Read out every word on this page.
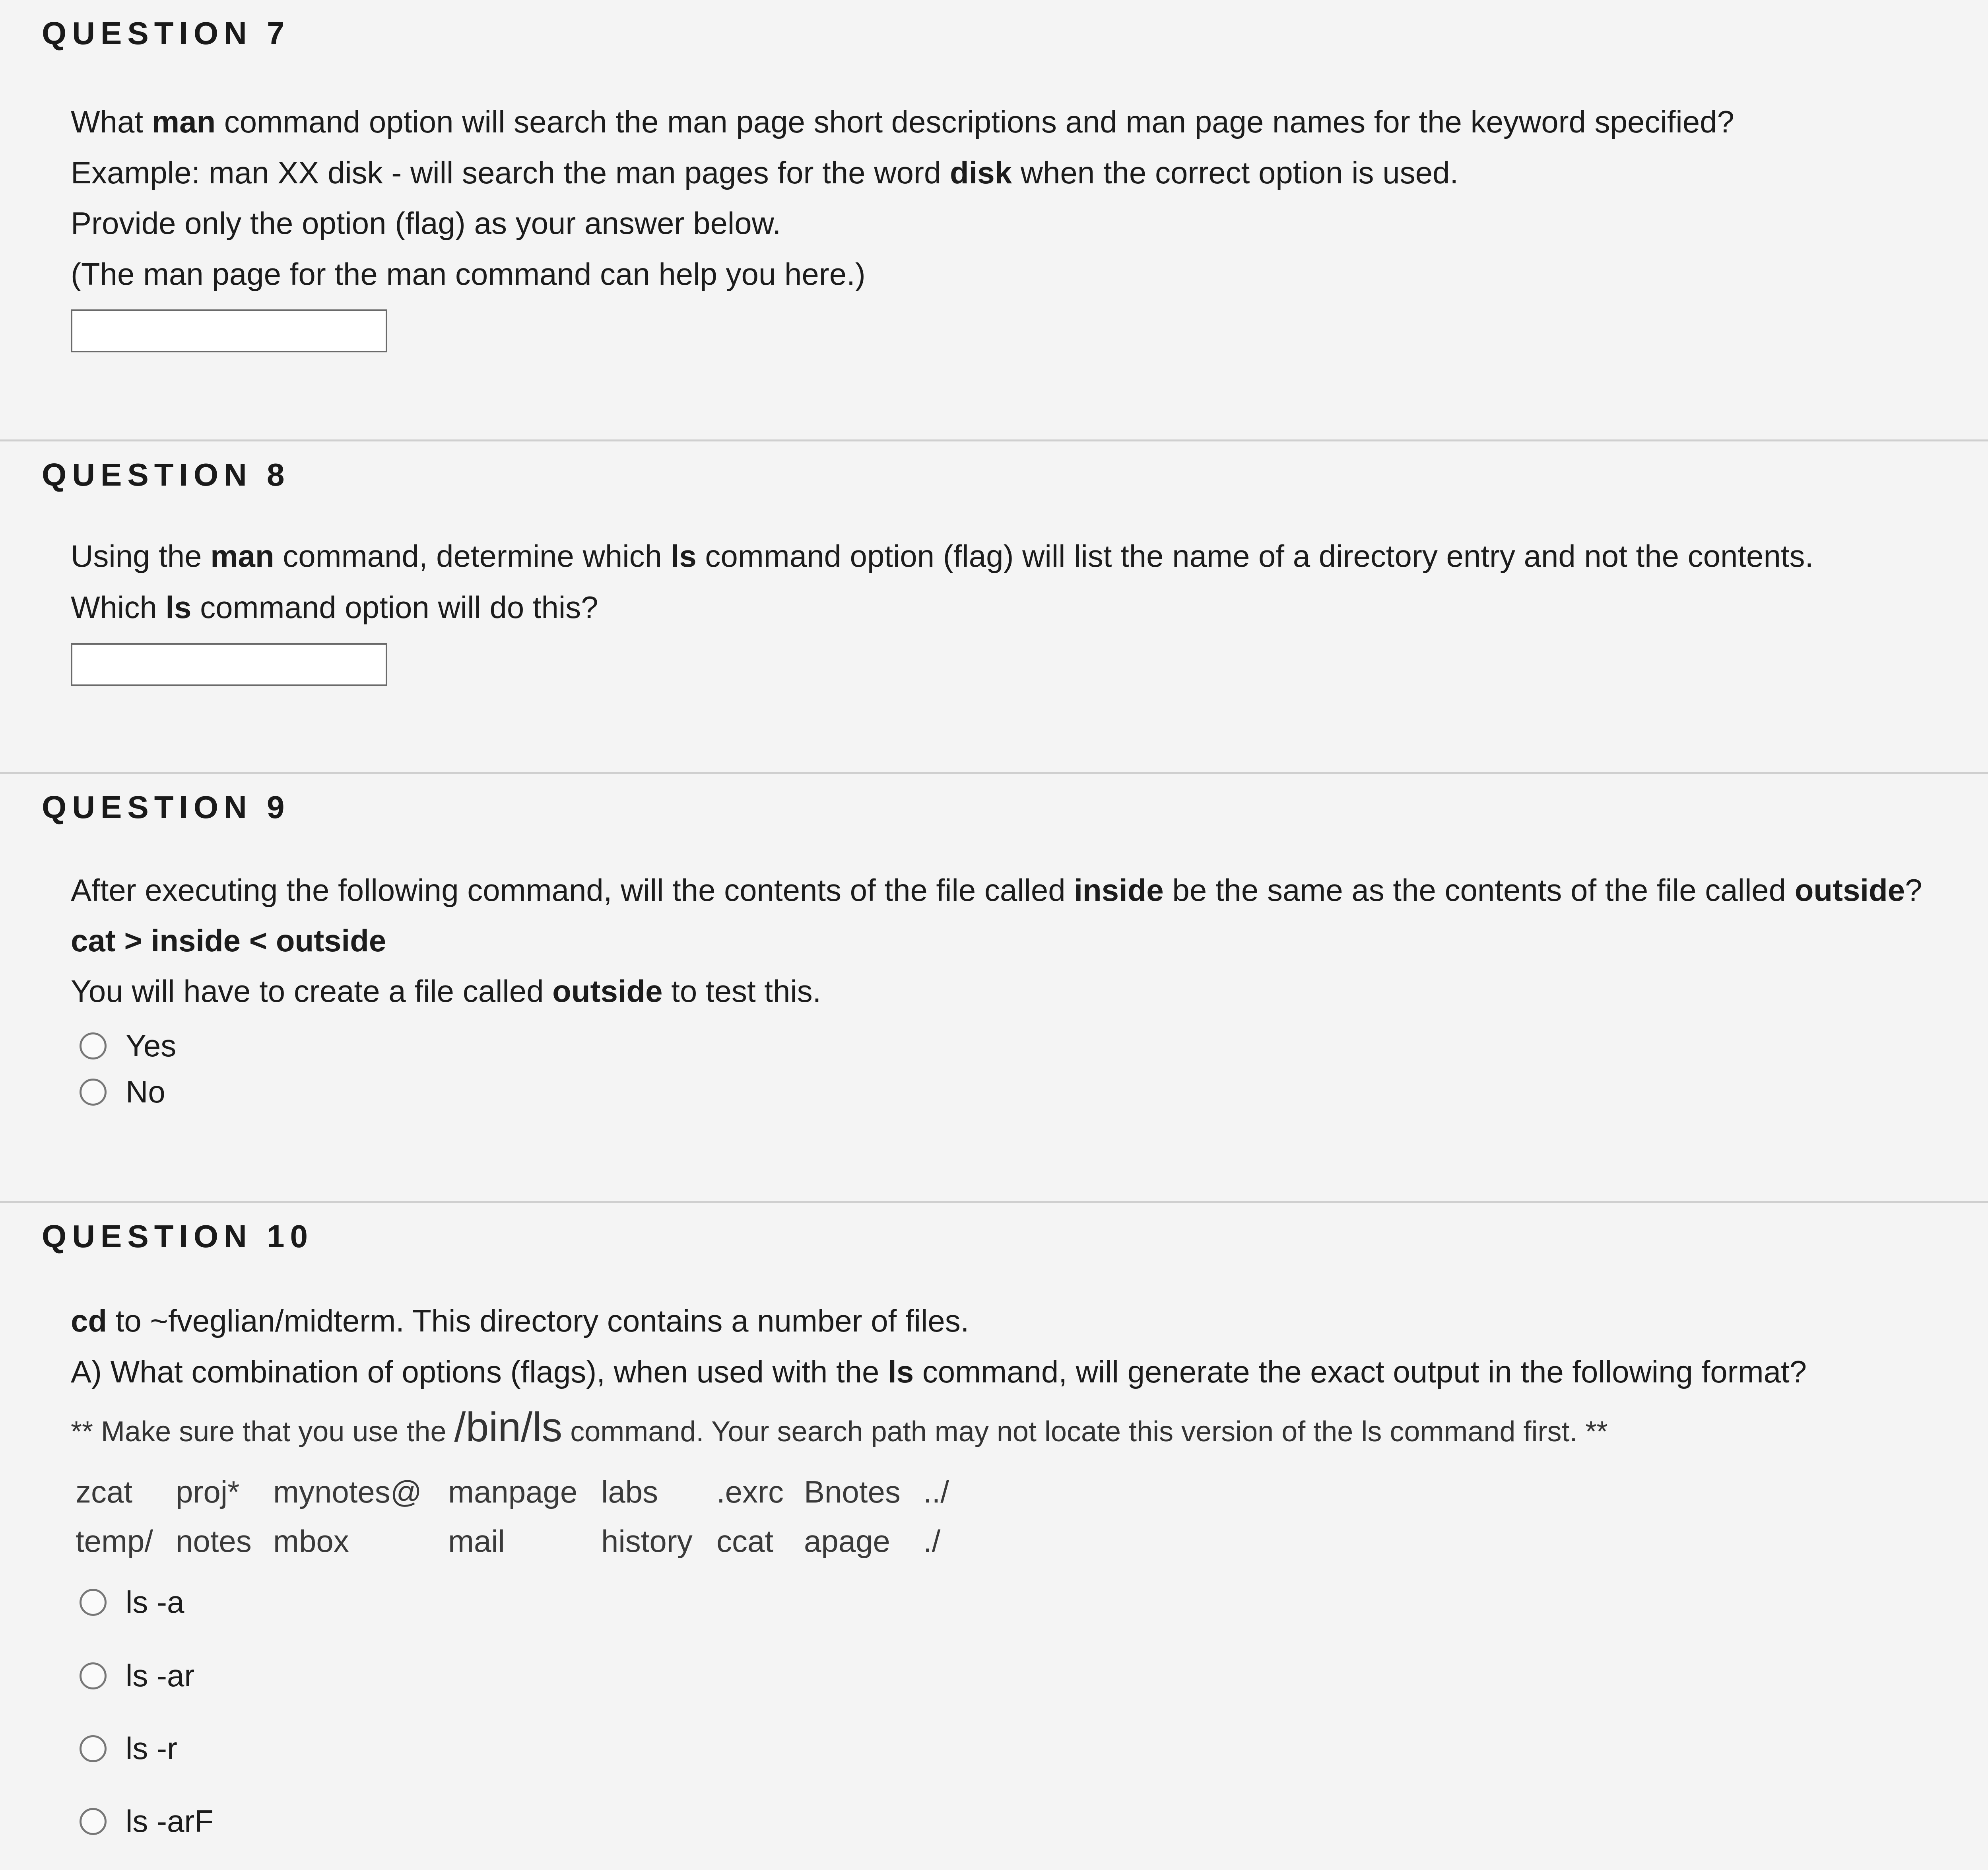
QUESTION 7
What man command option will search the man page short descriptions and man page names for the keyword specified?
Example: man XX disk - will search the man pages for the word disk when the correct option is used.
Provide only the option (flag) as your answer below.
(The man page for the man command can help you here.)
QUESTION 8
Using the man command, determine which ls command option (flag) will list the name of a directory entry and not the contents.
Which ls command option will do this?
QUESTION 9
After executing the following command, will the contents of the file called inside be the same as the contents of the file called outside?
cat > inside < outside
You will have to create a file called outside to test this.
Yes
No
QUESTION 10
cd to ~fveglian/midterm. This directory contains a number of files.
A) What combination of options (flags), when used with the ls command, will generate the exact output in the following format?
** Make sure that you use the /bin/ls command. Your search path may not locate this version of the ls command first. **
zcat	proj*	mynotes@ manpage labs	.exrc Bnotes ../
temp/ notes mbox	mail	history ccat apage	./
ls -a
ls -ar
ls -r
ls -arF
